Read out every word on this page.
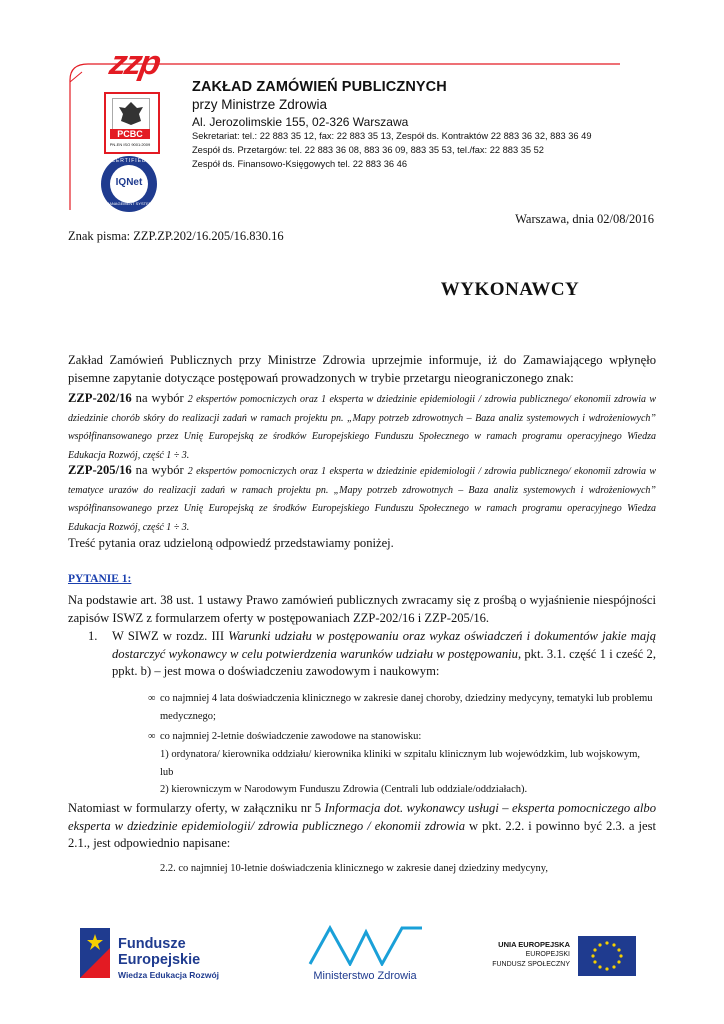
zzp
PCBC
PN-EN ISO 9001:2009
CERTIFIED
IQNet
MANAGEMENT SYSTEM
ZAKŁAD ZAMÓWIEŃ PUBLICZNYCH
przy Ministrze Zdrowia
Al. Jerozolimskie 155, 02-326 Warszawa
Sekretariat: tel.: 22 883 35 12, fax: 22 883 35 13, Zespół ds. Kontraktów 22 883 36 32, 883 36 49
Zespół ds. Przetargów: tel. 22 883 36 08, 883 36 09, 883 35 53, tel./fax: 22 883 35 52
Zespół ds. Finansowo-Księgowych tel. 22 883 36 46
Warszawa, dnia 02/08/2016
Znak pisma: ZZP.ZP.202/16.205/16.830.16
WYKONAWCY
Zakład Zamówień Publicznych przy Ministrze Zdrowia uprzejmie informuje, iż do Zamawiającego wpłynęło pisemne zapytanie dotyczące postępowań prowadzonych w trybie przetargu nieograniczonego znak:
ZZP-202/16 na wybór 2 ekspertów pomocniczych oraz 1 eksperta w dziedzinie epidemiologii / zdrowia publicznego/ ekonomii zdrowia w dziedzinie chorób skóry do realizacji zadań w ramach projektu pn. „Mapy potrzeb zdrowotnych – Baza analiz systemowych i wdrożeniowych” współfinansowanego przez Unię Europejską ze środków Europejskiego Funduszu Społecznego w ramach programu operacyjnego Wiedza Edukacja Rozwój, część 1 ÷ 3.
ZZP-205/16 na wybór 2 ekspertów pomocniczych oraz 1 eksperta w dziedzinie epidemiologii / zdrowia publicznego/ ekonomii zdrowia w tematyce urazów do realizacji zadań w ramach projektu pn. „Mapy potrzeb zdrowotnych – Baza analiz systemowych i wdrożeniowych” współfinansowanego przez Unię Europejską ze środków Europejskiego Funduszu Społecznego w ramach programu operacyjnego Wiedza Edukacja Rozwój, część 1 ÷ 3.
Treść pytania oraz udzieloną odpowiedź przedstawiamy poniżej.
PYTANIE 1:
Na podstawie art. 38 ust. 1 ustawy Prawo zamówień publicznych zwracamy się z prośbą o wyjaśnienie niespójności zapisów ISWZ z formularzem oferty w postępowaniach ZZP-202/16 i ZZP-205/16.
1. W SIWZ w rozdz. III Warunki udziału w postępowaniu oraz wykaz oświadczeń i dokumentów jakie mają dostarczyć wykonawcy w celu potwierdzenia warunków udziału w postępowaniu, pkt. 3.1. część 1 i cześć 2, ppkt. b) – jest mowa o doświadczeniu zawodowym i naukowym:
∞ co najmniej 4 lata doświadczenia klinicznego w zakresie danej choroby, dziedziny medycyny, tematyki lub problemu medycznego;
∞ co najmniej 2-letnie doświadczenie zawodowe na stanowisku:
1) ordynatora/ kierownika oddziału/ kierownika kliniki w szpitalu klinicznym lub wojewódzkim, lub wojskowym, lub
2) kierowniczym w Narodowym Funduszu Zdrowia (Centrali lub oddziale/oddziałach).
Natomiast w formularzy oferty, w załączniku nr 5 Informacja dot. wykonawcy usługi – eksperta pomocniczego albo eksperta w dziedzinie epidemiologii/ zdrowia publicznego / ekonomii zdrowia w pkt. 2.2. i powinno być 2.3. a jest 2.1., jest odpowiednio napisane:
2.2. co najmniej 10-letnie doświadczenia klinicznego w zakresie danej dziedziny medycyny,
Fundusze
Europejskie
Wiedza Edukacja Rozwój	Ministerstwo Zdrowia
UNIA EUROPEJSKA
EUROPEJSKI
FUNDUSZ SPOŁECZNY
